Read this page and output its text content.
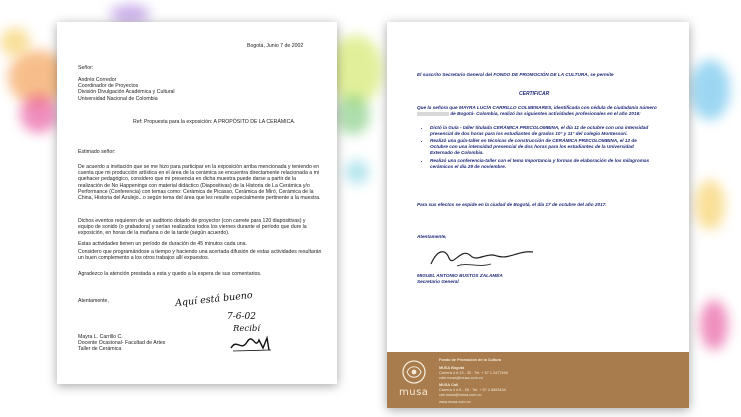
Bogotá, Junio 7 de 2002
Señor:
Andrés Corredor
Coordinador de Proyectos
División Divulgación Académica y Cultural
Universidad Nacional de Colombia
Ref: Propuesta para la exposición: A PROPÓSITO DE LA CERÁMICA.
Estimado señor:
De acuerdo a invitación que se me hizo para participar en la exposición arriba mencionada y teniendo en cuenta que mi producción artística en el área de la cerámica se encuentra directamente relacionada a mi quehacer pedagógico, considero que mi presencia en dicha muestra puede darse a partir de la realización de No Happenings con material didáctico (Diapositivas) de la Historia de La Cerámica y/o Performance (Conferencia) con temas como: Cerámica de Picasso, Cerámica de Miró, Cerámica de la China, Historia del Azulejo...o según tema del área que les resulte especialmente pertinente a la muestra.
Dichos eventos requieren de un auditorio dotado de proyector (con carrete para 120 diapositivas) y equipo de sonido (o grabadora) y serían realizados todos los viernes durante el período que dure la exposición, en horas de la mañana o de la tarde (según acuerdo).
Estas actividades tienen un período de duración de 45 minutos cada una.
Considero que programándose a tiempo y haciendo una acertada difusión de estas actividades resultarán un buen complemento a los otros trabajos allí expuestos.
Agradezco la atención prestada a esta y quedo a la espera de sus comentarios.
Atentamente,	Aquí está bueno
7-6-02
Recibí
Mayra L. Carrillo C.
Docente Ocasional- Facultad de Artes
Taller de Cerámica
El suscrito Secretario General del FONDO DE PROMOCIÓN DE LA CULTURA, se permite
CERTIFICAR
Que la señora que MAYRA LUCÍA CARRILLO COLMENARES, identificada con cédula de ciudadanía número  de Bogotá- Colombia, realizó las siguientes actividades profesionales en el año 2016:
• Dictó la Guía - taller titulada CERÁMICA PRECOLOMBINA, el día 11 de octubre con una intensidad presencial de dos horas para los estudiantes de grados 10° y 11° del colegio Montessori.
• Realizó una guía-taller en técnicas de construcción de CERÁMICA PRECOLOMBINA, el 12 de Octubre con una intensidad presencial de dos horas para los estudiantes de la Universidad Externado de Colombia.
• Realizó una conferencia-taller con el tema Importancia y formas de elaboración de los milagromas cerámicos el día 29 de noviembre.
Para sus efectos se expide en la ciudad de Bogotá, el día 17 de octubre del año 2017.
Atentamente,
MIGUEL ANTONIO BUSTOS ZALAMEA
Secretario General
musa
Fondo de Promoción de la Cultura
MUSA Bogotá
Carrera 4 # 13 - 30 · Tel. + 57 1 2477490
cdm.musa@musa.com.co
MUSA Cali
Carrera 4 # 8 - 55 · Tel. + 57 2 8893434
cali.musa@musa.com.co
www.musa.com.co
